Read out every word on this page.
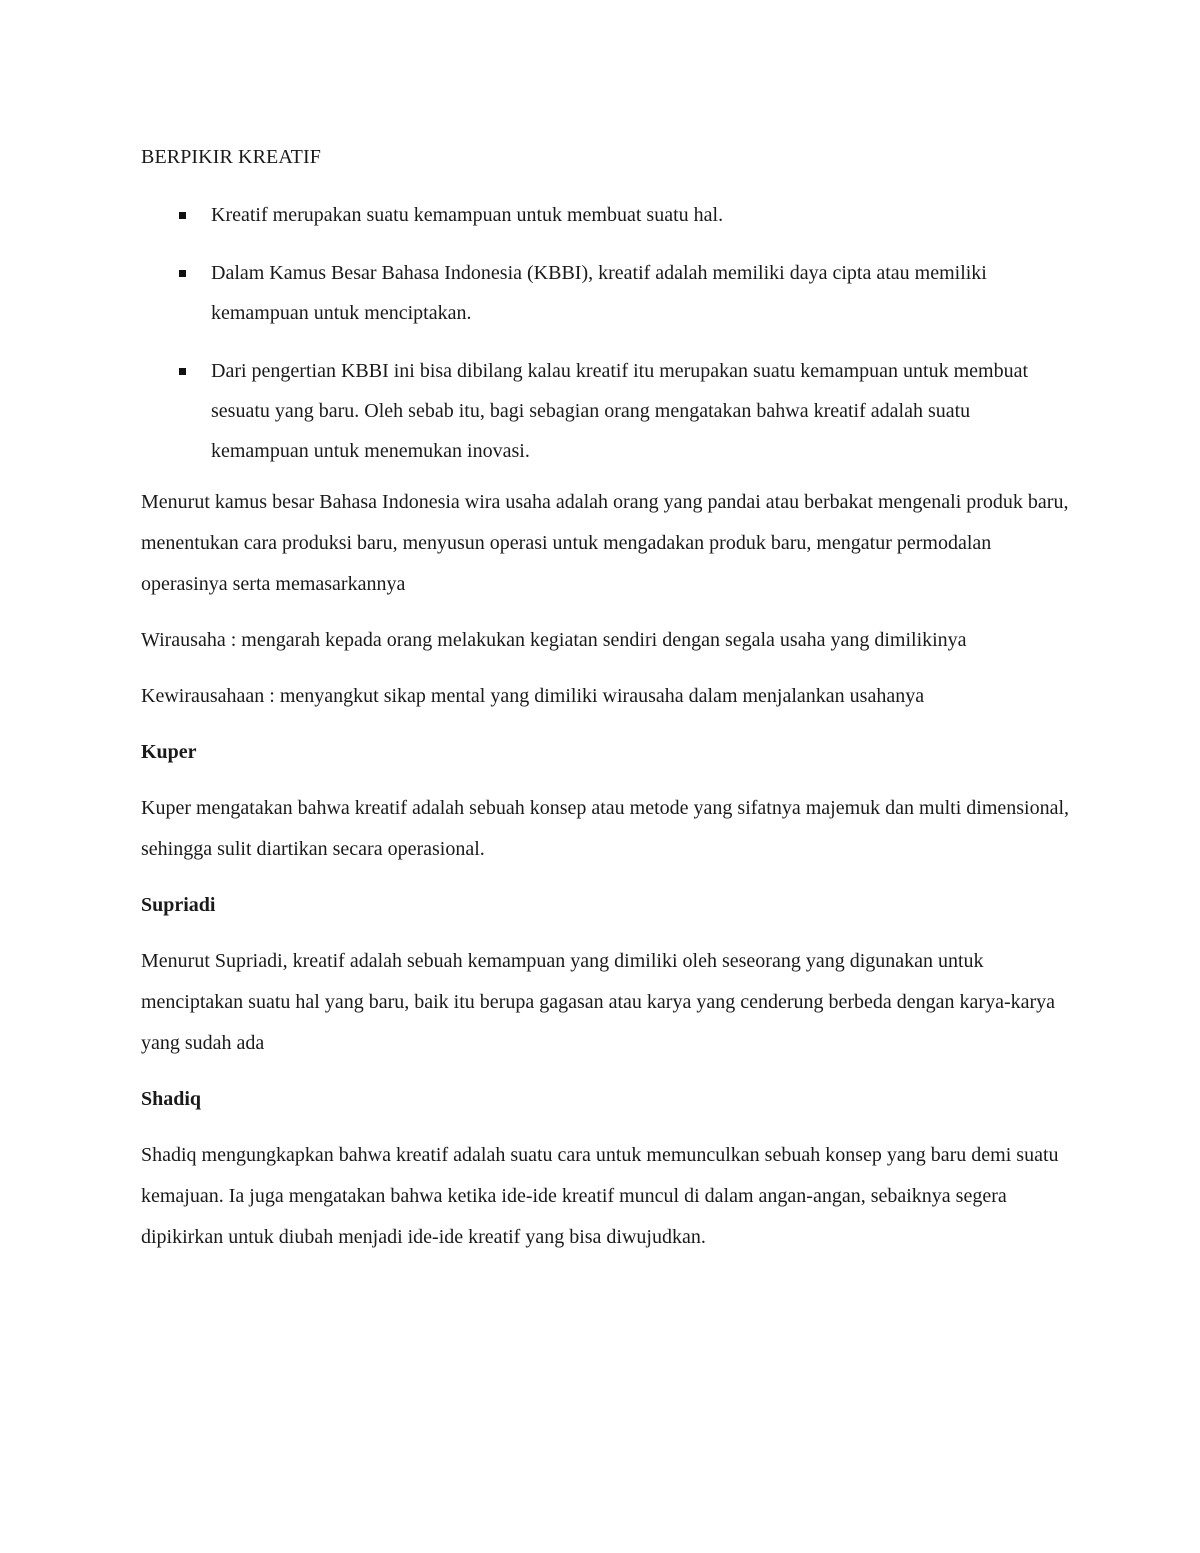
BERPIKIR KREATIF
Kreatif merupakan suatu kemampuan untuk membuat suatu hal.
Dalam Kamus Besar Bahasa Indonesia (KBBI), kreatif adalah memiliki daya cipta atau memiliki kemampuan untuk menciptakan.
Dari pengertian KBBI ini bisa dibilang kalau kreatif itu merupakan suatu kemampuan untuk membuat sesuatu yang baru. Oleh sebab itu, bagi sebagian orang mengatakan bahwa kreatif adalah suatu kemampuan untuk menemukan inovasi.

Menurut kamus besar Bahasa Indonesia wira usaha adalah orang yang pandai atau berbakat mengenali produk baru, menentukan cara produksi baru, menyusun operasi untuk mengadakan produk baru, mengatur permodalan operasinya serta memasarkannya

Wirausaha : mengarah kepada orang melakukan kegiatan sendiri dengan segala usaha yang dimilikinya

Kewirausahaan : menyangkut sikap mental yang dimiliki wirausaha dalam menjalankan usahanya

Kuper

Kuper mengatakan bahwa kreatif adalah sebuah konsep atau metode yang sifatnya majemuk dan multi dimensional, sehingga sulit diartikan secara operasional.

Supriadi

Menurut Supriadi, kreatif adalah sebuah kemampuan yang dimiliki oleh seseorang yang digunakan untuk menciptakan suatu hal yang baru, baik itu berupa gagasan atau karya yang cenderung berbeda dengan karya-karya yang sudah ada

Shadiq

Shadiq mengungkapkan bahwa kreatif adalah suatu cara untuk memunculkan sebuah konsep yang baru demi suatu kemajuan. Ia juga mengatakan bahwa ketika ide-ide kreatif muncul di dalam angan-angan, sebaiknya segera dipikirkan untuk diubah menjadi ide-ide kreatif yang bisa diwujudkan.
